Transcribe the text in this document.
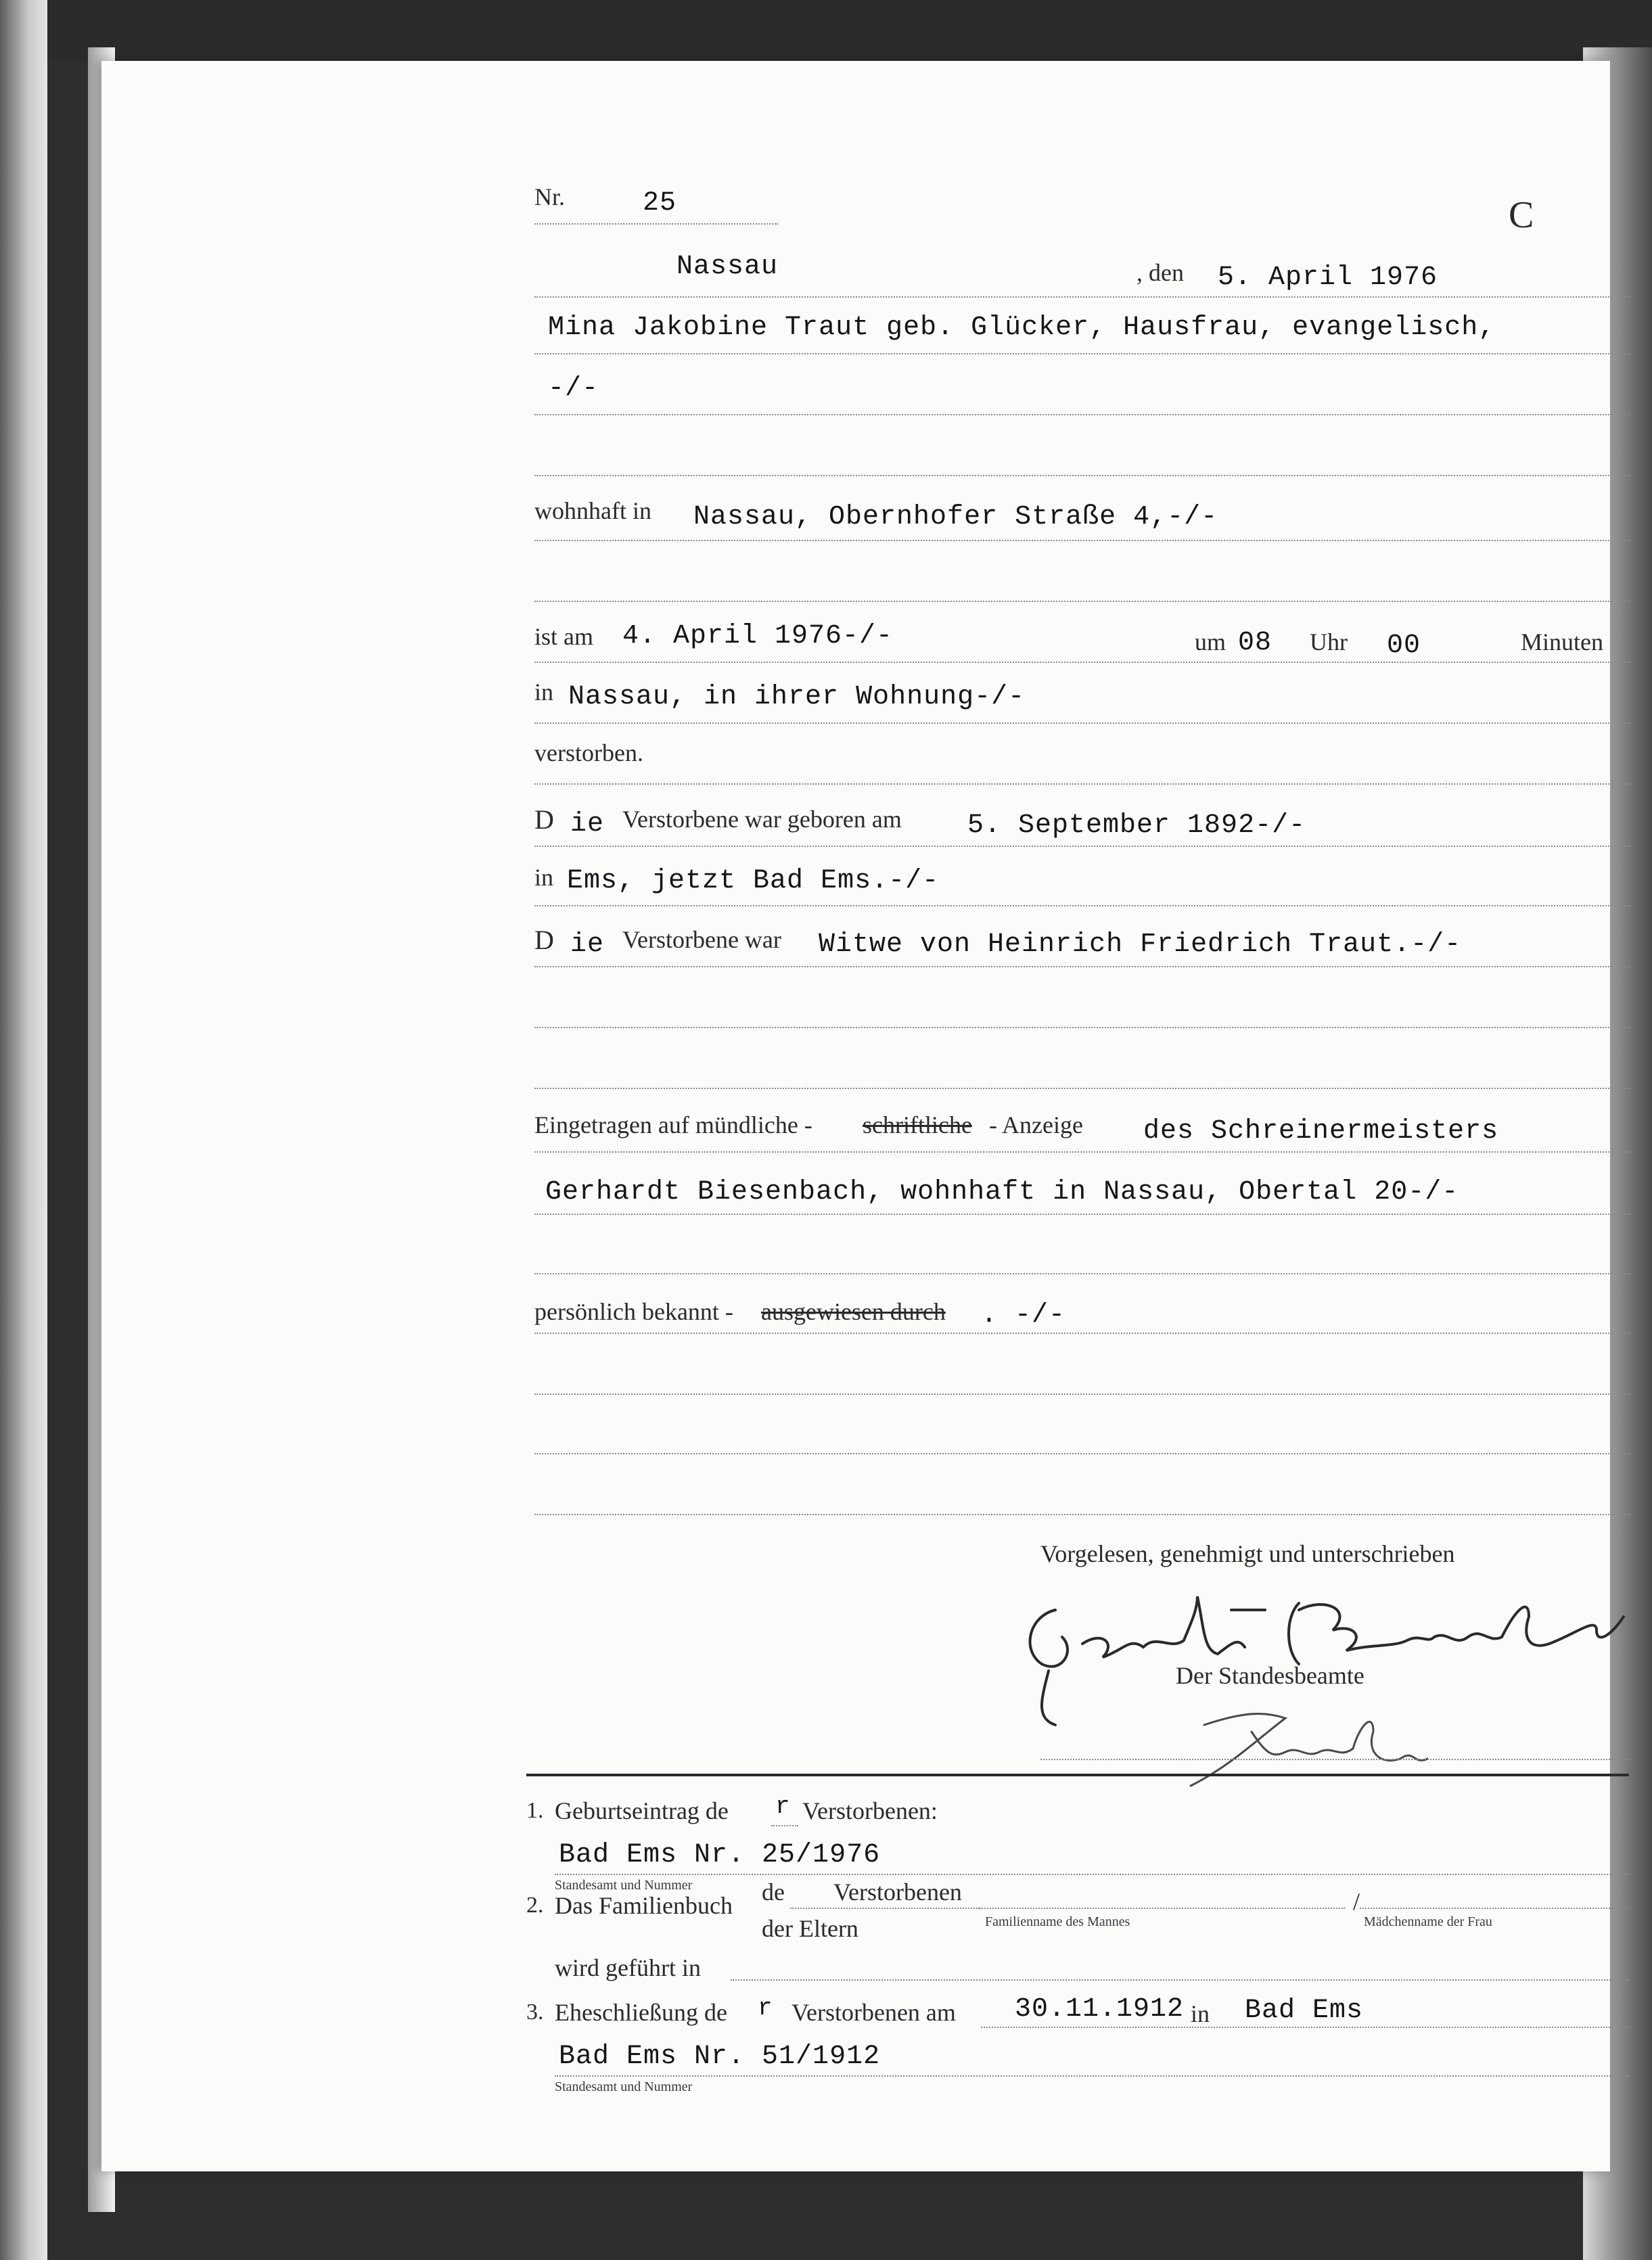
Nr.	25	C
Nassau	, den 5. April 1976
Mina Jakobine Traut geb. Glücker, Hausfrau, evangelisch,
-/-
wohnhaft in Nassau, Obernhofer Straße 4,-/-
ist am 4. April 1976-/-	um 08 Uhr 00	Minuten
in Nassau, in ihrer Wohnung-/-
verstorben.
D ie Verstorbene war geboren am 5. September 1892-/-
in Ems, jetzt Bad Ems.-/-
D ie Verstorbene war Witwe von Heinrich Friedrich Traut.-/-
Eingetragen auf mündliche - schriftliche - Anzeige des Schreinermeisters
Gerhardt Biesenbach, wohnhaft in Nassau, Obertal 20-/-
persönlich bekannt - ausgewiesen durch . -/-
Vorgelesen, genehmigt und unterschrieben
Der Standesbeamte
1. Geburtseintrag de r Verstorbenen:
Bad Ems Nr. 25/1976
Standesamt und Nummer
2. Das Familienbuch de Verstorbenen
der Eltern	Familienname des Mannes
/
Mädchenname der Frau
wird geführt in
3. Eheschließung de r Verstorbenen am 30.11.1912 in Bad Ems
Bad Ems Nr. 51/1912
Standesamt und Nummer
